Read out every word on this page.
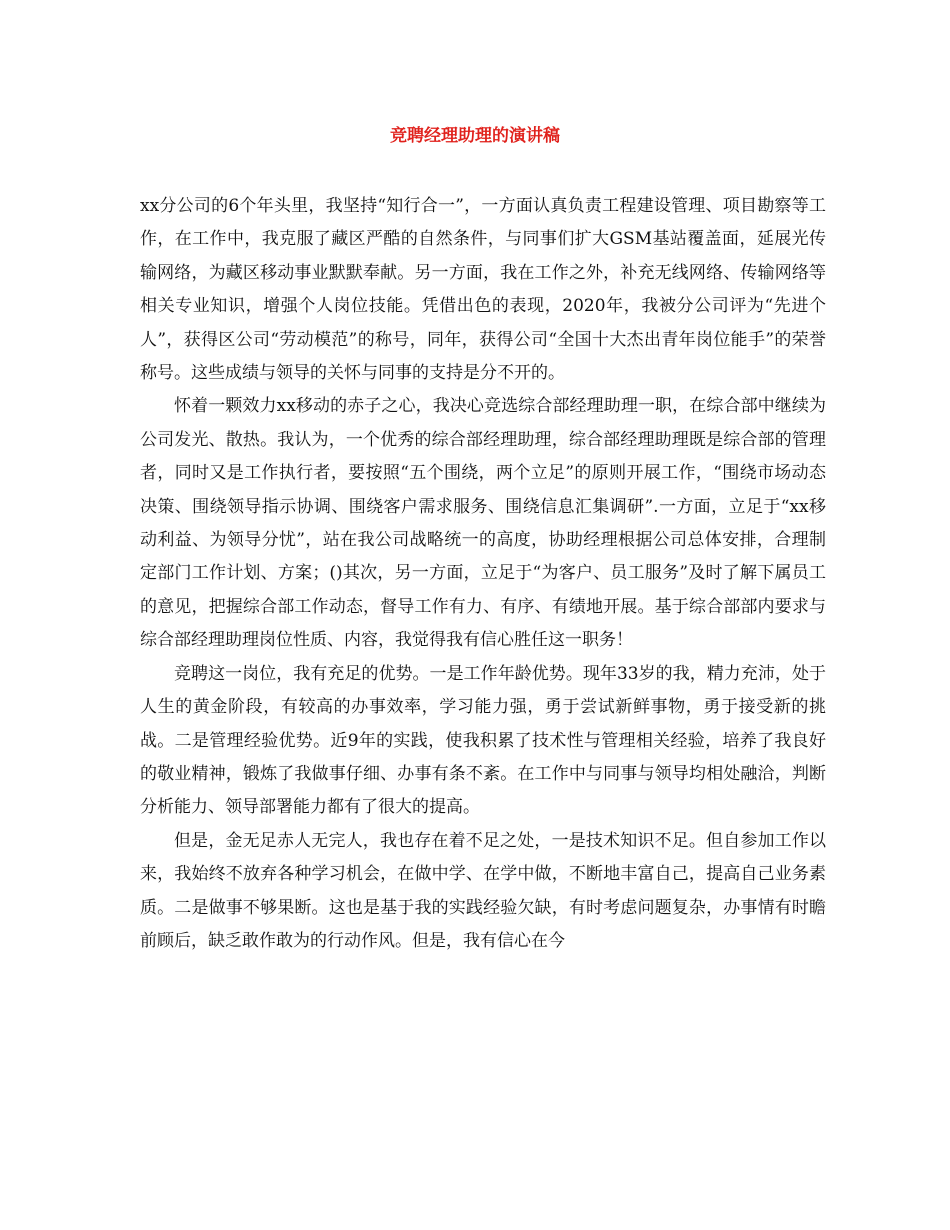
竞聘经理助理的演讲稿

xx分公司的6个年头里，我坚持“知行合一”，一方面认真负责工程建设管理、项目勘察等工作，在工作中，我克服了藏区严酷的自然条件，与同事们扩大GSM基站覆盖面，延展光传输网络，为藏区移动事业默默奉献。另一方面，我在工作之外，补充无线网络、传输网络等相关专业知识，增强个人岗位技能。凭借出色的表现，2020年，我被分公司评为“先进个人”，获得区公司“劳动模范”的称号，同年，获得公司“全国十大杰出青年岗位能手”的荣誉称号。这些成绩与领导的关怀与同事的支持是分不开的。

怀着一颗效力xx移动的赤子之心，我决心竞选综合部经理助理一职，在综合部中继续为公司发光、散热。我认为，一个优秀的综合部经理助理，综合部经理助理既是综合部的管理者，同时又是工作执行者，要按照“五个围绕，两个立足”的原则开展工作，“围绕市场动态决策、围绕领导指示协调、围绕客户需求服务、围绕信息汇集调研”.一方面，立足于“xx移动利益、为领导分忧”，站在我公司战略统一的高度，协助经理根据公司总体安排，合理制定部门工作计划、方案；()其次，另一方面，立足于“为客户、员工服务”及时了解下属员工的意见，把握综合部工作动态，督导工作有力、有序、有绩地开展。基于综合部部内要求与综合部经理助理岗位性质、内容，我觉得我有信心胜任这一职务！

竞聘这一岗位，我有充足的优势。一是工作年龄优势。现年33岁的我，精力充沛，处于人生的黄金阶段，有较高的办事效率，学习能力强，勇于尝试新鲜事物，勇于接受新的挑战。二是管理经验优势。近9年的实践，使我积累了技术性与管理相关经验，培养了我良好的敬业精神，锻炼了我做事仔细、办事有条不紊。在工作中与同事与领导均相处融洽，判断分析能力、领导部署能力都有了很大的提高。

但是，金无足赤人无完人，我也存在着不足之处，一是技术知识不足。但自参加工作以来，我始终不放弃各种学习机会，在做中学、在学中做，不断地丰富自己，提高自己业务素质。二是做事不够果断。这也是基于我的实践经验欠缺，有时考虑问题复杂，办事情有时瞻前顾后，缺乏敢作敢为的行动作风。但是，我有信心在今
